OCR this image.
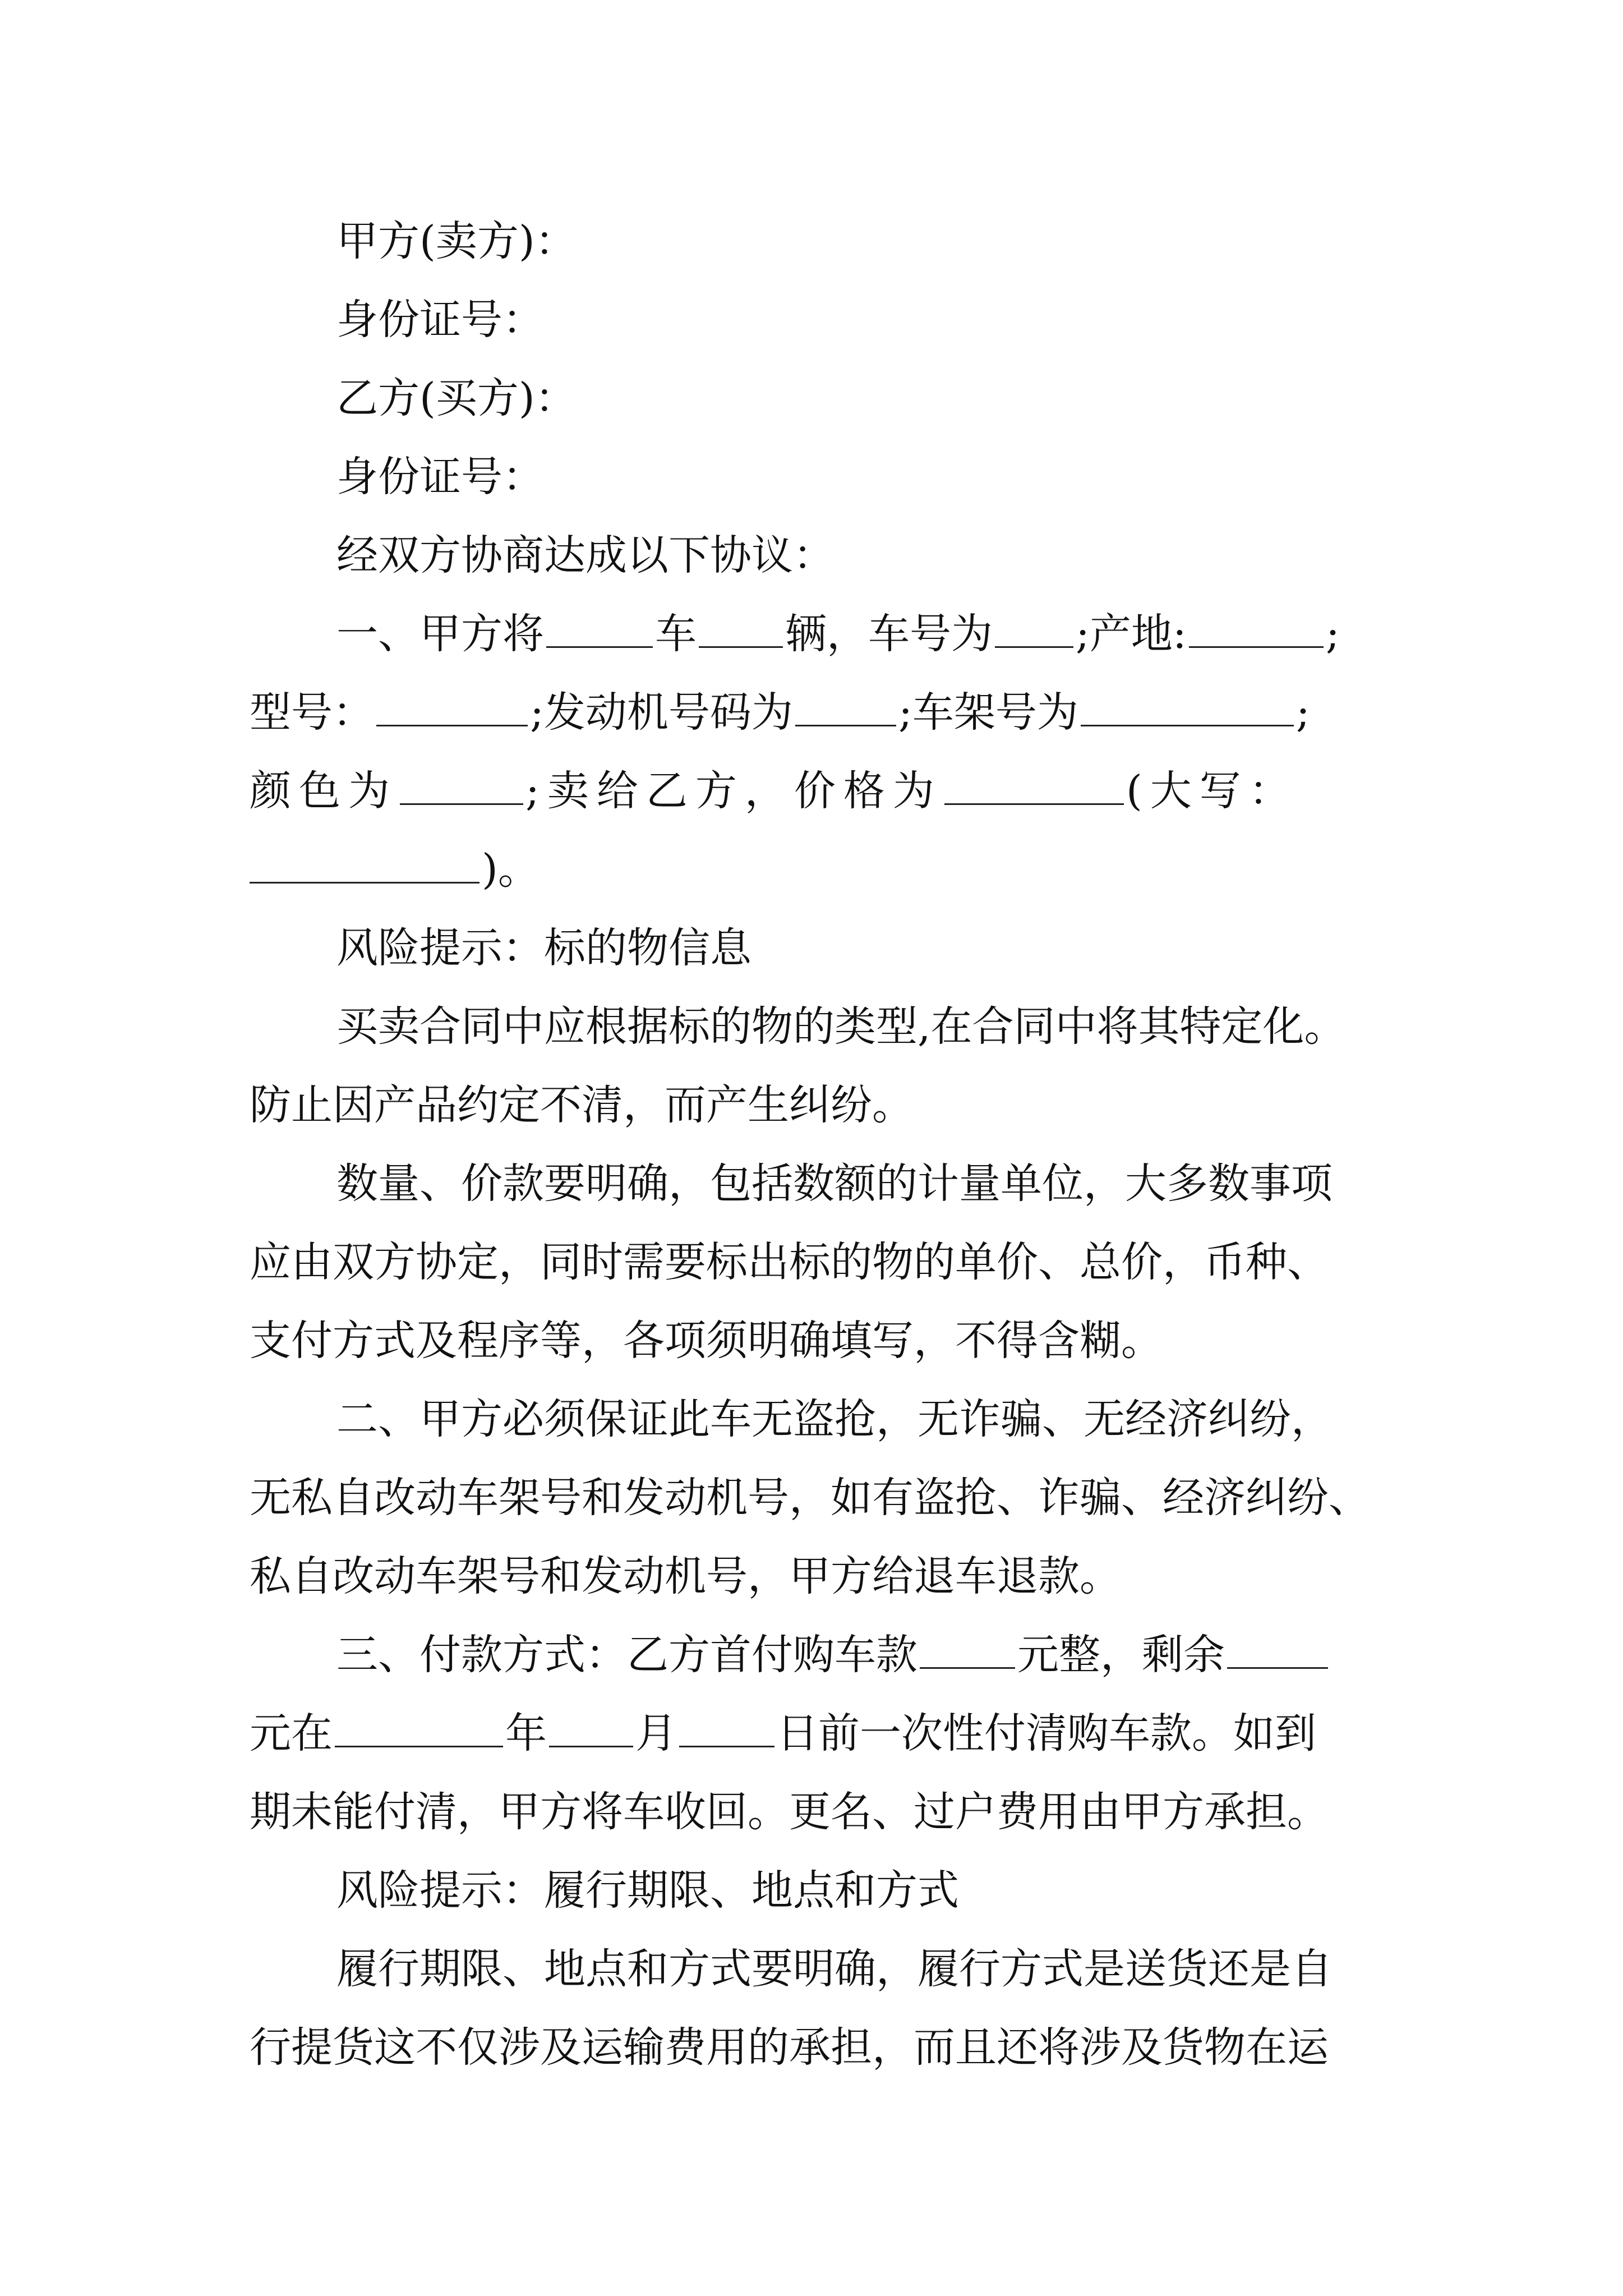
甲方(卖方)：
身份证号：
乙方(买方)：
身份证号：
经双方协商达成以下协议：
一、甲方将	车 辆，车号为 ;产地:	;
型号：	;发动机号码为	;车架号为	;
颜色为	;卖给乙方，价格为	(大写：
)。
风险提示：标的物信息
买卖合同中应根据标的物的类型,在合同中将其特定化。
防止因产品约定不清，而产生纠纷。
数量、价款要明确，包括数额的计量单位，大多数事项
应由双方协定，同时需要标出标的物的单价、总价，币种、
支付方式及程序等，各项须明确填写，不得含糊。
二、甲方必须保证此车无盗抢，无诈骗、无经济纠纷，
无私自改动车架号和发动机号，如有盗抢、诈骗、经济纠纷、
私自改动车架号和发动机号，甲方给退车退款。
三、付款方式：乙方首付购车款 元整，剩余
元在	年 月 日前一次性付清购车款。如到
期未能付清，甲方将车收回。更名、过户费用由甲方承担。
风险提示：履行期限、地点和方式
履行期限、地点和方式要明确，履行方式是送货还是自
行提货这不仅涉及运输费用的承担，而且还将涉及货物在运
